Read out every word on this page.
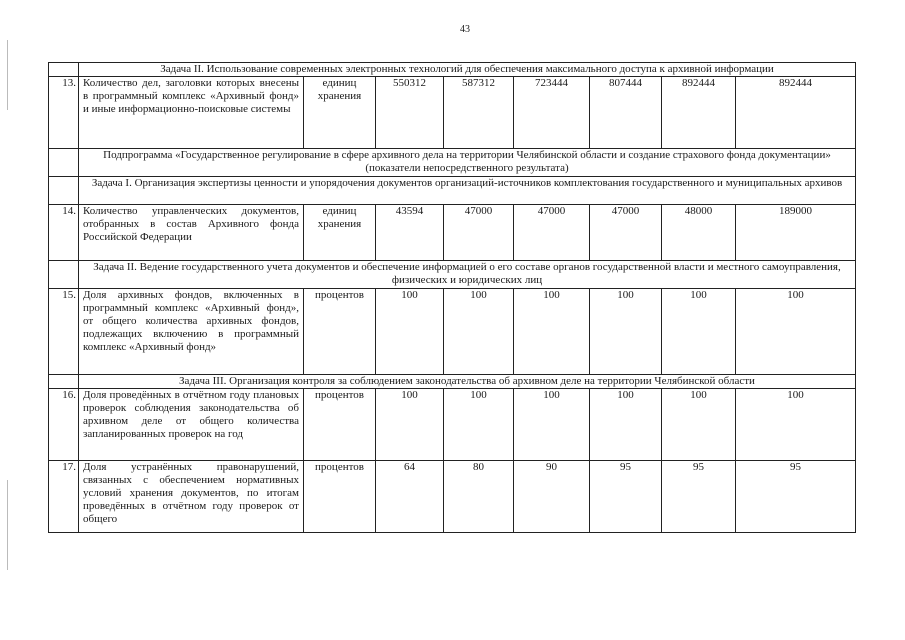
43
	Задача II. Использование современных электронных технологий для обеспечения максимального доступа к архивной информации							
13.	Количество дел, заголовки которых внесены в программный комплекс «Архивный фонд» и иные информационно-поисковые системы	единиц хранения	550312	587312	723444	807444	892444	892444
	Подпрограмма «Государственное регулирование в сфере архивного дела на территории Челябинской области и создание страхового фонда документации» (показатели непосредственного результата)							
	Задача I. Организация экспертизы ценности и упорядочения документов организаций-источников комплектования государственного и муниципальных архивов							
14.	Количество управленческих документов, отобранных в состав Архивного фонда Российской Федерации	единиц хранения	43594	47000	47000	47000	48000	189000
	Задача II. Ведение государственного учета документов и обеспечение информацией о его составе органов государственной власти и местного самоуправления, физических и юридических лиц							
15.	Доля архивных фондов, включенных в программный комплекс «Архивный фонд», от общего количества архивных фондов, подлежащих включению в программный комплекс «Архивный фонд»	процентов	100	100	100	100	100	100
	Задача III. Организация контроля за соблюдением законодательства об архивном деле на территории Челябинской области							
16.	Доля проведённых в отчётном году плановых проверок соблюдения законодательства об архивном деле от общего количества запланированных проверок на год	процентов	100	100	100	100	100	100
17.	Доля устранённых правонарушений, связанных с обеспечением нормативных условий хранения документов, по итогам проведённых в отчётном году проверок от общего	процентов	64	80	90	95	95	95
